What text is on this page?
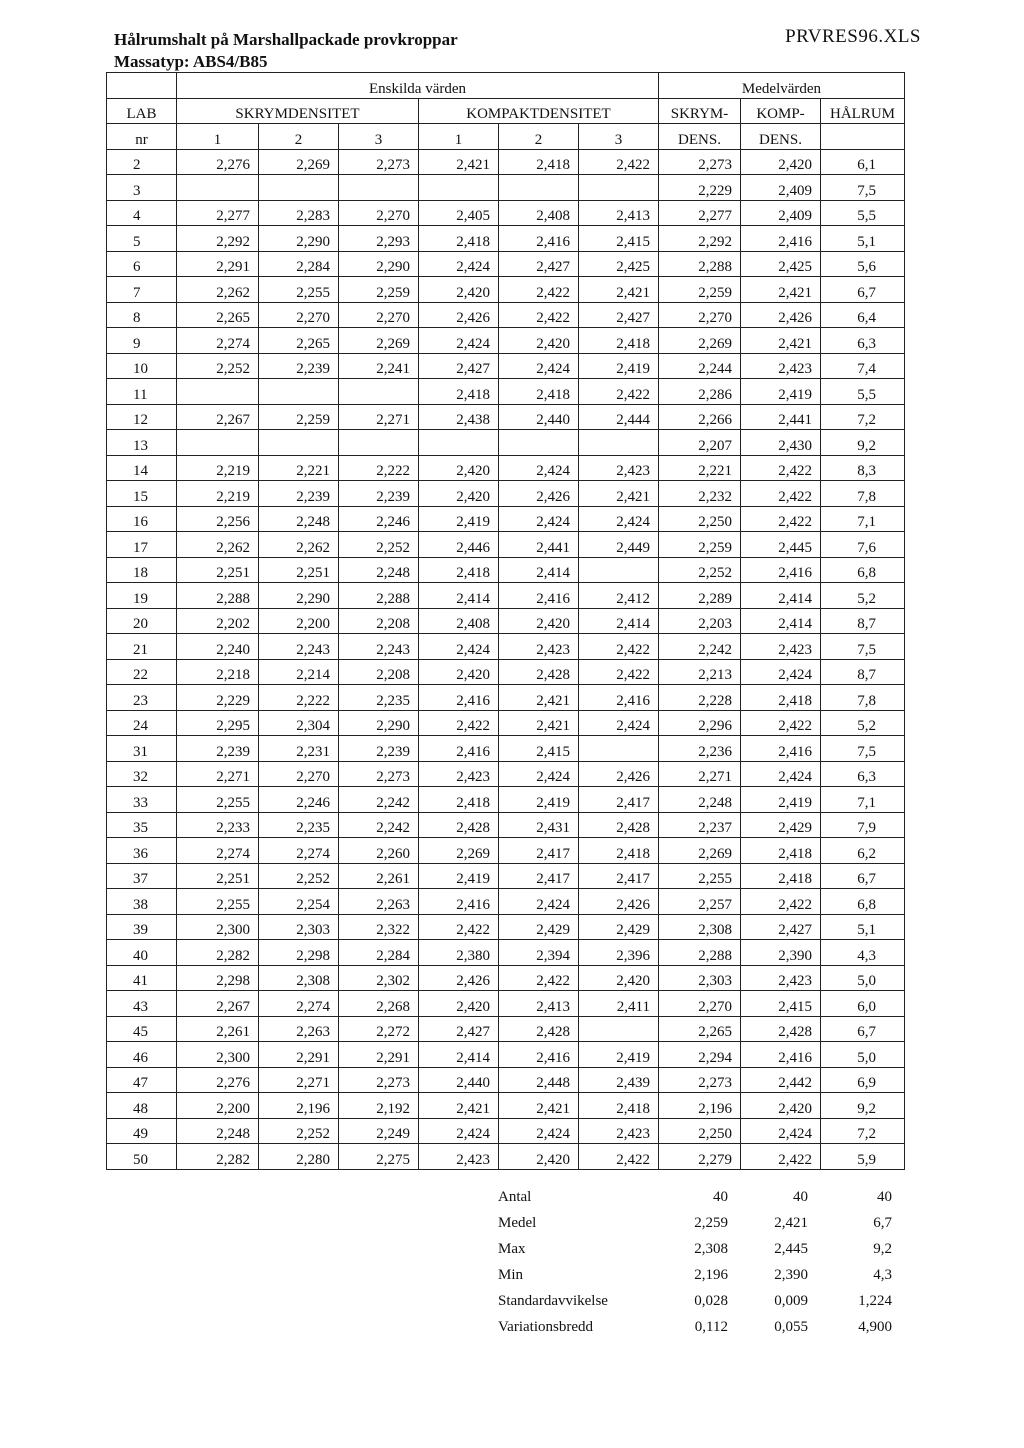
Hålrumshalt på Marshallpackade provkroppar
Massatyp: ABS4/B85
PRVRES96.XLS
	Enskilda värden						Medelvärden		
LAB	SKRYMDENSITET			KOMPAKTDENSITET			SKRYM-	KOMP-	HÅLRUM
nr	1	2	3	1	2	3	DENS.	DENS.	
2	2,276	2,269	2,273	2,421	2,418	2,422	2,273	2,420	6,1
3							2,229	2,409	7,5
4	2,277	2,283	2,270	2,405	2,408	2,413	2,277	2,409	5,5
5	2,292	2,290	2,293	2,418	2,416	2,415	2,292	2,416	5,1
6	2,291	2,284	2,290	2,424	2,427	2,425	2,288	2,425	5,6
7	2,262	2,255	2,259	2,420	2,422	2,421	2,259	2,421	6,7
8	2,265	2,270	2,270	2,426	2,422	2,427	2,270	2,426	6,4
9	2,274	2,265	2,269	2,424	2,420	2,418	2,269	2,421	6,3
10	2,252	2,239	2,241	2,427	2,424	2,419	2,244	2,423	7,4
11				2,418	2,418	2,422	2,286	2,419	5,5
12	2,267	2,259	2,271	2,438	2,440	2,444	2,266	2,441	7,2
13							2,207	2,430	9,2
14	2,219	2,221	2,222	2,420	2,424	2,423	2,221	2,422	8,3
15	2,219	2,239	2,239	2,420	2,426	2,421	2,232	2,422	7,8
16	2,256	2,248	2,246	2,419	2,424	2,424	2,250	2,422	7,1
17	2,262	2,262	2,252	2,446	2,441	2,449	2,259	2,445	7,6
18	2,251	2,251	2,248	2,418	2,414		2,252	2,416	6,8
19	2,288	2,290	2,288	2,414	2,416	2,412	2,289	2,414	5,2
20	2,202	2,200	2,208	2,408	2,420	2,414	2,203	2,414	8,7
21	2,240	2,243	2,243	2,424	2,423	2,422	2,242	2,423	7,5
22	2,218	2,214	2,208	2,420	2,428	2,422	2,213	2,424	8,7
23	2,229	2,222	2,235	2,416	2,421	2,416	2,228	2,418	7,8
24	2,295	2,304	2,290	2,422	2,421	2,424	2,296	2,422	5,2
31	2,239	2,231	2,239	2,416	2,415		2,236	2,416	7,5
32	2,271	2,270	2,273	2,423	2,424	2,426	2,271	2,424	6,3
33	2,255	2,246	2,242	2,418	2,419	2,417	2,248	2,419	7,1
35	2,233	2,235	2,242	2,428	2,431	2,428	2,237	2,429	7,9
36	2,274	2,274	2,260	2,269	2,417	2,418	2,269	2,418	6,2
37	2,251	2,252	2,261	2,419	2,417	2,417	2,255	2,418	6,7
38	2,255	2,254	2,263	2,416	2,424	2,426	2,257	2,422	6,8
39	2,300	2,303	2,322	2,422	2,429	2,429	2,308	2,427	5,1
40	2,282	2,298	2,284	2,380	2,394	2,396	2,288	2,390	4,3
41	2,298	2,308	2,302	2,426	2,422	2,420	2,303	2,423	5,0
43	2,267	2,274	2,268	2,420	2,413	2,411	2,270	2,415	6,0
45	2,261	2,263	2,272	2,427	2,428		2,265	2,428	6,7
46	2,300	2,291	2,291	2,414	2,416	2,419	2,294	2,416	5,0
47	2,276	2,271	2,273	2,440	2,448	2,439	2,273	2,442	6,9
48	2,200	2,196	2,192	2,421	2,421	2,418	2,196	2,420	9,2
49	2,248	2,252	2,249	2,424	2,424	2,423	2,250	2,424	7,2
50	2,282	2,280	2,275	2,423	2,420	2,422	2,279	2,422	5,9
Antal	40	40	40
Medel	2,259	2,421	6,7
Max	2,308	2,445	9,2
Min	2,196	2,390	4,3
Standardavvikelse	0,028	0,009	1,224
Variationsbredd	0,112	0,055	4,900
